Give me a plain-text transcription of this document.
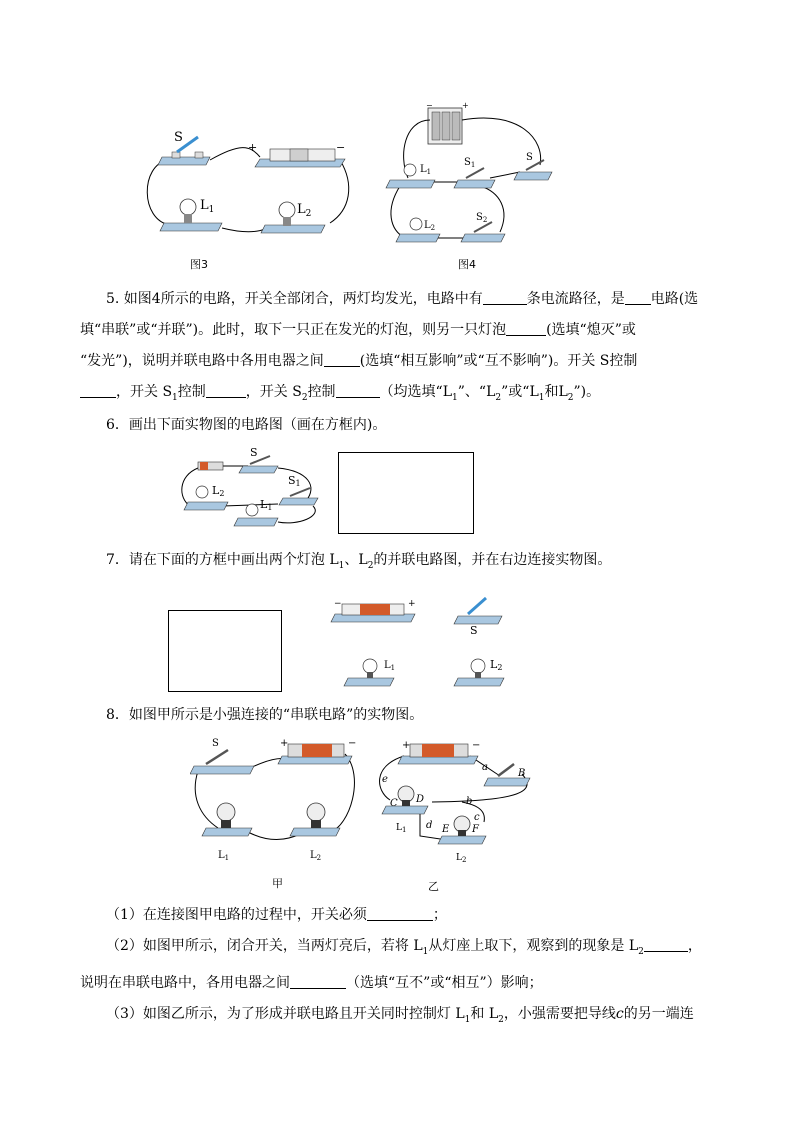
S
+	−
$L_1$	$L_2$
图3
−	+
$L_1$
$S_1$
S
$L_2$
$S_2$
图4
5. 如图4所示的电路，开关全部闭合，两灯均发光，电路中有	条电流路径，是 电路(选
填“串联”或“并联”)。此时，取下一只正在发光的灯泡，则另一只灯泡	(选填“熄灭”或
“发光”)，说明并联电路中各用电器之间	(选填“相互影响”或“互不影响”)。开关 S控制
，开关 $S_1$控制	，开关 $S_2$控制	（均选填“$L_1$”、“$L_2$”或“$L_1$和$L_2$”)。
6．画出下面实物图的电路图（画在方框内)。
S
S1
L2
L1
7．请在下面的方框中画出两个灯泡 $L_1$、$L_2$的并联电路图，并在右边连接实物图。
−	+
S
$L_1$	L2
8．如图甲所示是小强连接的“串联电路”的实物图。
S	+	−
$L_1$	$L_2$
甲
+	−
a
B
b
e
C D
$L_1$ d E F
c
$L_2$
乙
（1）在连接图甲电路的过程中，开关必须	；
（2）如图甲所示，闭合开关，当两灯亮后，若将 $L_1$从灯座上取下，观察到的现象是 $L_2$	，
说明在串联电路中，各用电器之间	（选填“互不”或“相互”）影响；
（3）如图乙所示，为了形成并联电路且开关同时控制灯 $L_1$和 $L_2$，小强需要把导线c的另一端连
